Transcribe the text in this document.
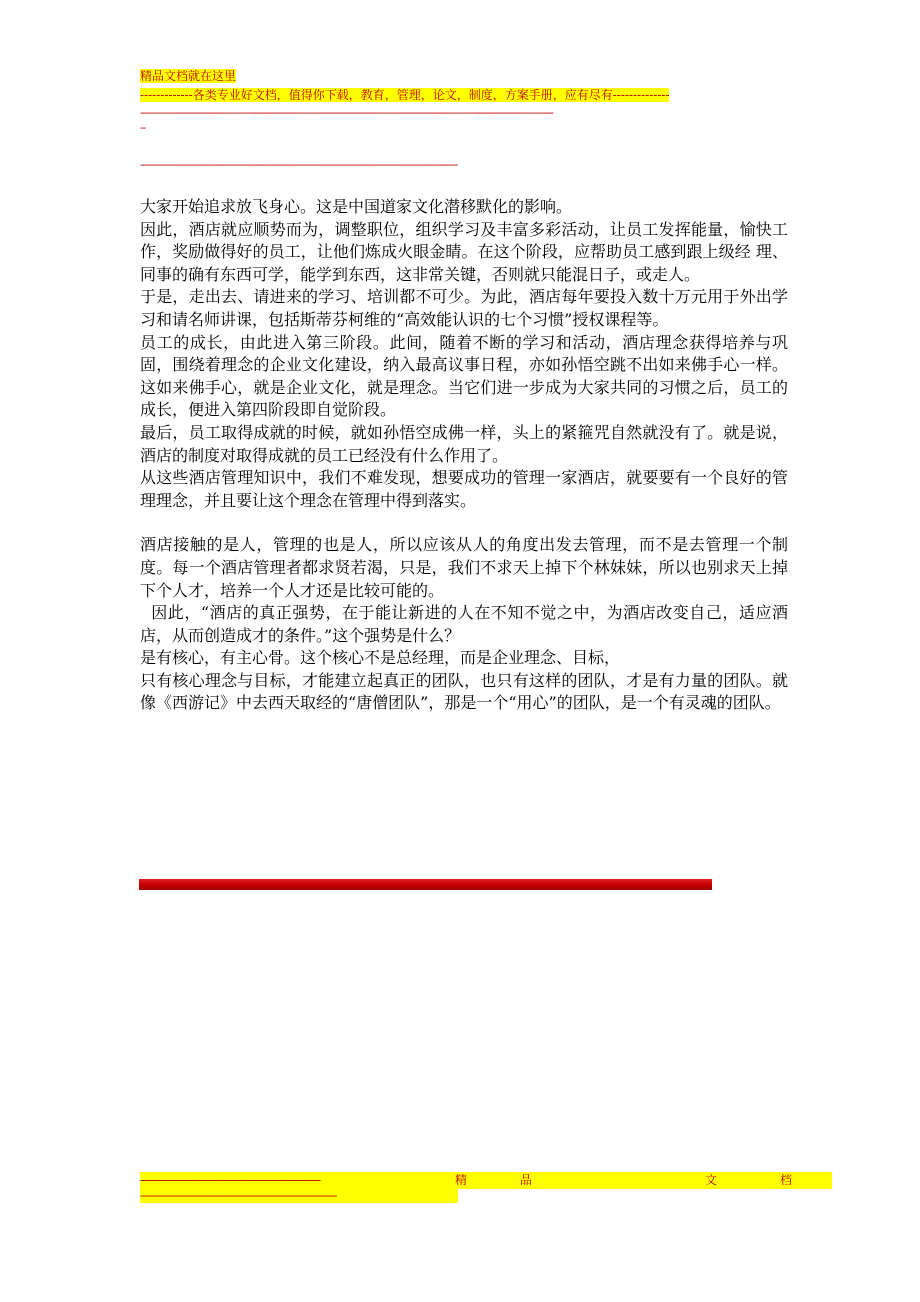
精品文档就在这里
-------------各类专业好文档，值得你下载，教育，管理，论文，制度，方案手册，应有尽有--------------
--------------------------------------------------------------------------------------------------------------------------------------------------------------------
--
------------------------------------------------------------------------------------------------------------------------------

大家开始追求放飞身心。这是中国道家文化潜移默化的影响。

因此，酒店就应顺势而为，调整职位，组织学习及丰富多彩活动，让员工发挥能量，愉快工作，奖励做得好的员工，让他们炼成火眼金睛。在这个阶段，应帮助员工感到跟上级经 理、同事的确有东西可学，能学到东西，这非常关键，否则就只能混日子，或走人。

于是，走出去、请进来的学习、培训都不可少。为此，酒店每年要投入数十万元用于外出学习和请名师讲课，包括斯蒂芬柯维的“高效能认识的七个习惯”授权课程等。

员工的成长，由此进入第三阶段。此间，随着不断的学习和活动，酒店理念获得培养与巩固，围绕着理念的企业文化建设，纳入最高议事日程，亦如孙悟空跳不出如来佛手心一样。这如来佛手心，就是企业文化，就是理念。当它们进一步成为大家共同的习惯之后，员工的成长，便进入第四阶段即自觉阶段。

最后，员工取得成就的时候，就如孙悟空成佛一样，头上的紧箍咒自然就没有了。就是说，酒店的制度对取得成就的员工已经没有什么作用了。

从这些酒店管理知识中，我们不难发现，想要成功的管理一家酒店，就要要有一个良好的管理理念，并且要让这个理念在管理中得到落实。

酒店接触的是人，管理的也是人，所以应该从人的角度出发去管理，而不是去管理一个制度。每一个酒店管理者都求贤若渴，只是，我们不求天上掉下个林妹妹，所以也别求天上掉下个人才，培养一个人才还是比较可能的。

因此，“酒店的真正强势，在于能让新进的人在不知不觉之中，为酒店改变自己，适应酒店，从而创造成才的条件。”这个强势是什么？

是有核心，有主心骨。这个核心不是总经理，而是企业理念、目标，

只有核心理念与目标，才能建立起真正的团队，也只有这样的团队，才是有力量的团队。就像《西游记》中去西天取经的“唐僧团队”，那是一个“用心”的团队，是一个有灵魂的团队。

---------------------------------------------------------------	精	品	文	档
------------------------------------------------------------------------------
